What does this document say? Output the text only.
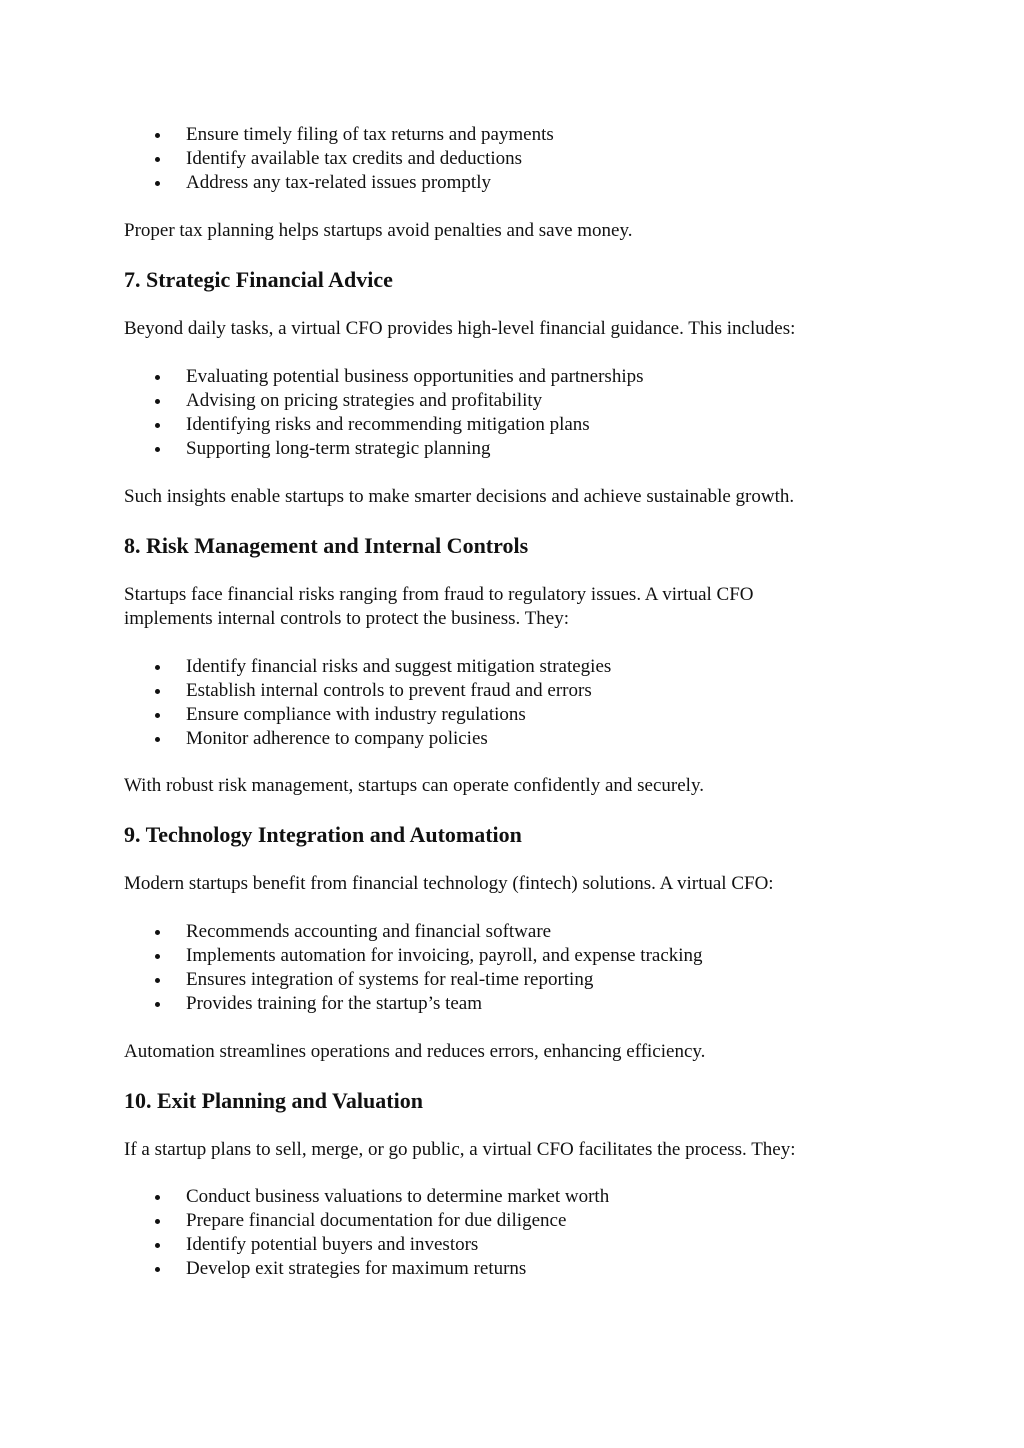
Ensure timely filing of tax returns and payments
Identify available tax credits and deductions
Address any tax-related issues promptly

Proper tax planning helps startups avoid penalties and save money.

7. Strategic Financial Advice

Beyond daily tasks, a virtual CFO provides high-level financial guidance. This includes:

Evaluating potential business opportunities and partnerships
Advising on pricing strategies and profitability
Identifying risks and recommending mitigation plans
Supporting long-term strategic planning

Such insights enable startups to make smarter decisions and achieve sustainable growth.

8. Risk Management and Internal Controls

Startups face financial risks ranging from fraud to regulatory issues. A virtual CFO implements internal controls to protect the business. They:

Identify financial risks and suggest mitigation strategies
Establish internal controls to prevent fraud and errors
Ensure compliance with industry regulations
Monitor adherence to company policies

With robust risk management, startups can operate confidently and securely.

9. Technology Integration and Automation

Modern startups benefit from financial technology (fintech) solutions. A virtual CFO:

Recommends accounting and financial software
Implements automation for invoicing, payroll, and expense tracking
Ensures integration of systems for real-time reporting
Provides training for the startup’s team

Automation streamlines operations and reduces errors, enhancing efficiency.

10. Exit Planning and Valuation

If a startup plans to sell, merge, or go public, a virtual CFO facilitates the process. They:

Conduct business valuations to determine market worth
Prepare financial documentation for due diligence
Identify potential buyers and investors
Develop exit strategies for maximum returns
